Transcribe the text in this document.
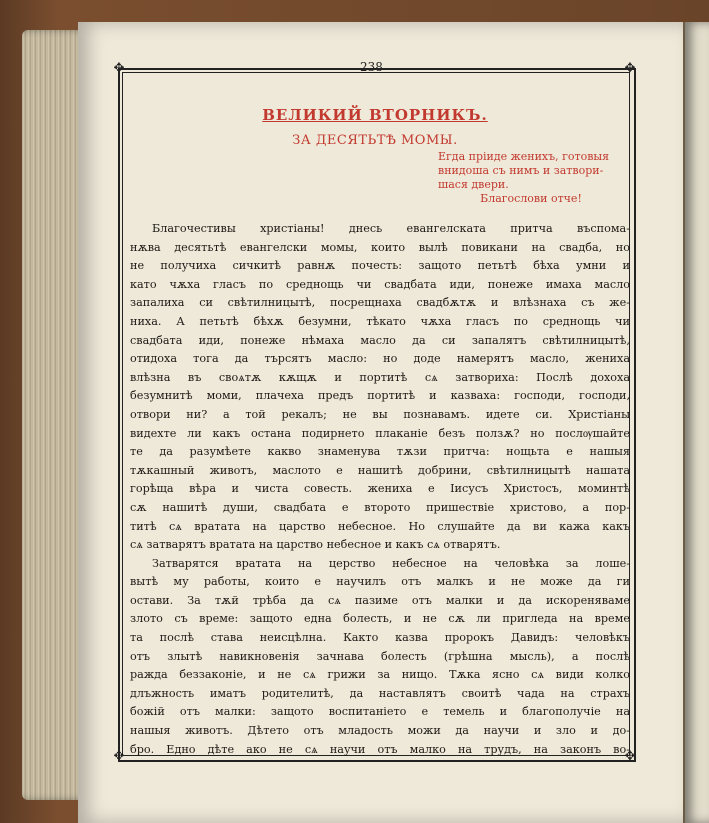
238
✥	✥
✥	✥
ВЕЛИКИЙ ВТОРНИКЪ.
ЗА ДЕСЯТЬТѢ МОМЫ.
Егда пріиде женихъ, готовыя
внидоша съ нимъ и затвори-
шася двери.
Благослови отче!
Благочестивы христіаны! днесь евангелската притча въспома-
нѫва десятьтѣ евангелски момы, които вылѣ повикани на свадба, но
не получиха сичкитѣ равнѫ почесть: защото петьтѣ бѣха умни и
като чѫха гласъ по среднощь чи свадбата иди, понеже имаха масло
запалиха си свѣтилницытѣ, посрещнаха свадбѫтѫ и влѣзнаха съ же-
ниха. А петьтѣ бѣхѫ безумни, тѣкато чѫха гласъ по среднощь чи
свадбата иди, понеже нѣмаха масло да си запалятъ свѣтилницытѣ,
отидоха тога да търсятъ масло: но доде намерятъ масло, жениха
влѣзна въ своѧтѫ кѫщѫ и портитѣ сѧ затвориха: Послѣ дохоха
безумнитѣ моми, плачеха предъ портитѣ и казваха: господи, господи,
отвори ни? а той рекалъ; не вы познавамъ. идете си. Христіаны
видехте ли какъ остана подирнето плаканіе безъ ползѫ? но послѹшайте
те да разумѣете какво знаменува тѫзи притча: нощьта е нашыя
тѫкашный животъ, маслото е нашитѣ добрини, свѣтилницытѣ нашата
горѣща вѣра и чиста совесть. жениха е Іисусъ Христосъ, моминтѣ
сѫ нашитѣ души, свадбата е второто пришествіе христово, а пор-
титѣ сѧ вратата на царство небесное. Но слушайте да ви кажа какъ
сѧ затварятъ вратата на царство небесное и какъ сѧ отварятъ.
Затварятся вратата на церство небесное на человѣка за лоше-
вытѣ му работы, които е научилъ отъ малкъ и не може да ги
остави. За тѫй трѣба да сѧ пазиме отъ малки и да искореняваме
злото съ време: защото една болесть, и не сѫ ли пригледа на време
та послѣ става неисцѣлна. Както казва пророкъ Давидъ: человѣкъ
отъ злытѣ навикновенія зачнава болесть (грѣшна мысль), а послѣ
ражда беззаконіе, и не сѧ грижи за нищо. Тѫка ясно сѧ види колко
длъжность иматъ родителитѣ, да наставлятъ своитѣ чада на страхъ
божій отъ малки: защото воспитаніето е темель и благополучіе на
нашыя животъ. Дѣтето отъ младость можи да научи и зло и до-
бро. Едно дѣте ако не сѧ научи отъ малко на трудъ, на законъ во-
